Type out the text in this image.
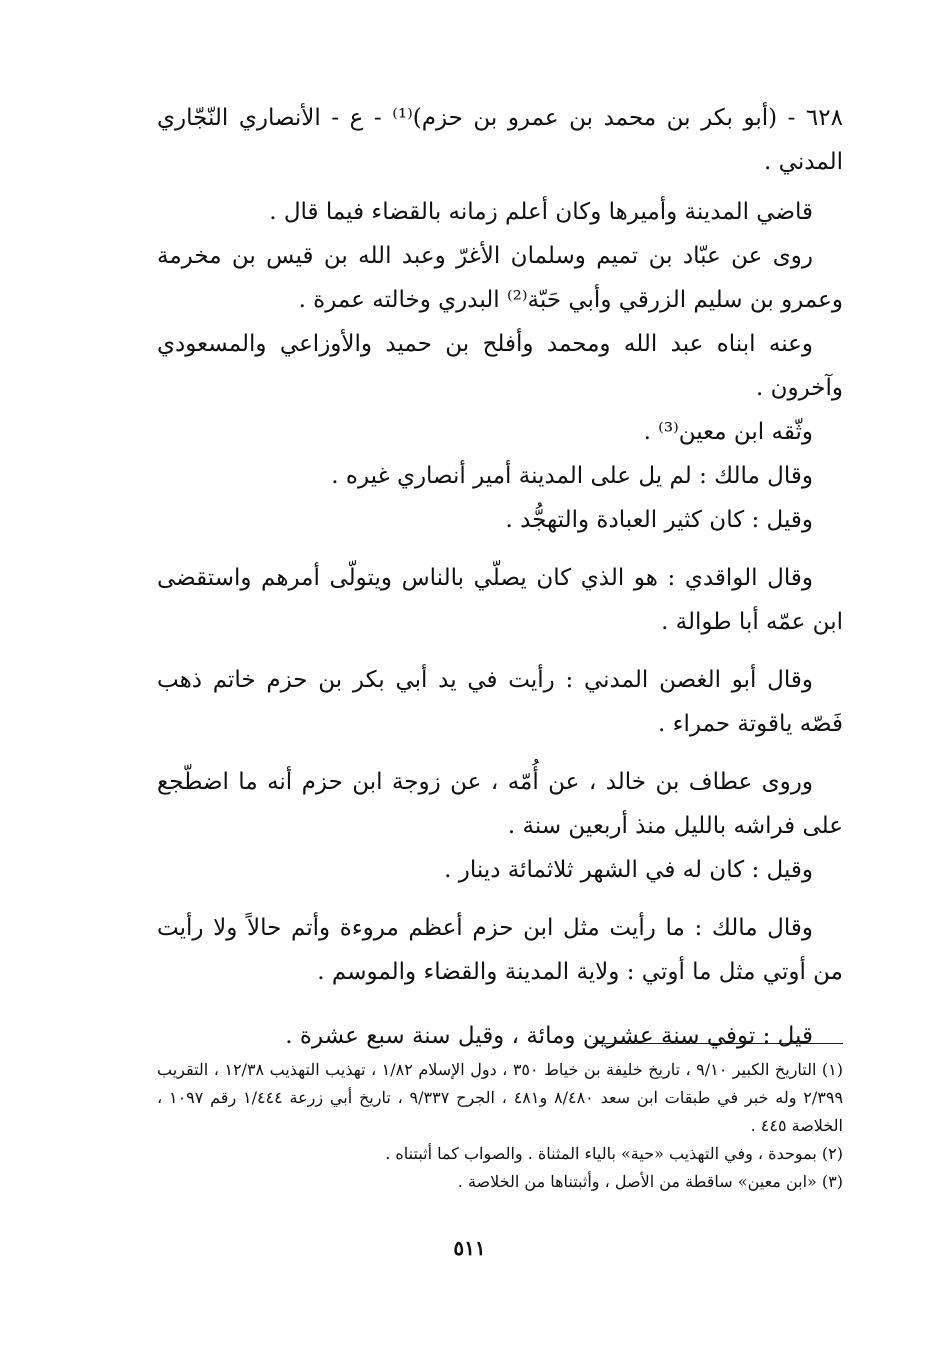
٦٢٨ - (أبو بكر بن محمد بن عمرو بن حزم)⁽¹⁾ - ع - الأنصاري النّجّاري المدني .

قاضي المدينة وأميرها وكان أعلم زمانه بالقضاء فيما قال .

روى عن عبّاد بن تميم وسلمان الأغرّ وعبد الله بن قيس بن مخرمة وعمرو بن سليم الزرقي وأبي حَبّة⁽²⁾ البدري وخالته عمرة .

وعنه ابناه عبد الله ومحمد وأفلح بن حميد والأوزاعي والمسعودي وآخرون .

وثّقه ابن معين⁽³⁾ .

وقال مالك : لم يل على المدينة أمير أنصاري غيره .

وقيل : كان كثير العبادة والتهجُّد .

وقال الواقدي : هو الذي كان يصلّي بالناس ويتولّى أمرهم واستقضى ابن عمّه أبا طوالة .

وقال أبو الغصن المدني : رأيت في يد أبي بكر بن حزم خاتم ذهب فَصّه ياقوتة حمراء .

وروى عطاف بن خالد ، عن أُمّه ، عن زوجة ابن حزم أنه ما اضطّجع على فراشه بالليل منذ أربعين سنة .

وقيل : كان له في الشهر ثلاثمائة دينار .

وقال مالك : ما رأيت مثل ابن حزم أعظم مروءة وأتم حالاً ولا رأيت من أوتي مثل ما أوتي : ولاية المدينة والقضاء والموسم .

قيل : توفي سنة عشرين ومائة ، وقيل سنة سبع عشرة .

(١) التاريخ الكبير ٩/١٠ ، تاريخ خليفة بن خياط ٣٥٠ ، دول الإسلام ١/٨٢ ، تهذيب التهذيب ١٢/٣٨ ، التقريب ٢/٣٩٩ وله خبر في طبقات ابن سعد ٨/٤٨٠ و٤٨١ ، الجرح ٩/٣٣٧ ، تاريخ أبي زرعة ١/٤٤٤ رقم ١٠٩٧ ، الخلاصة ٤٤٥ .

(٢) بموحدة ، وفي التهذيب «حية» بالياء المثناة . والصواب كما أثبتناه .

(٣) «ابن معين» ساقطة من الأصل ، وأثبتناها من الخلاصة .

٥١١
